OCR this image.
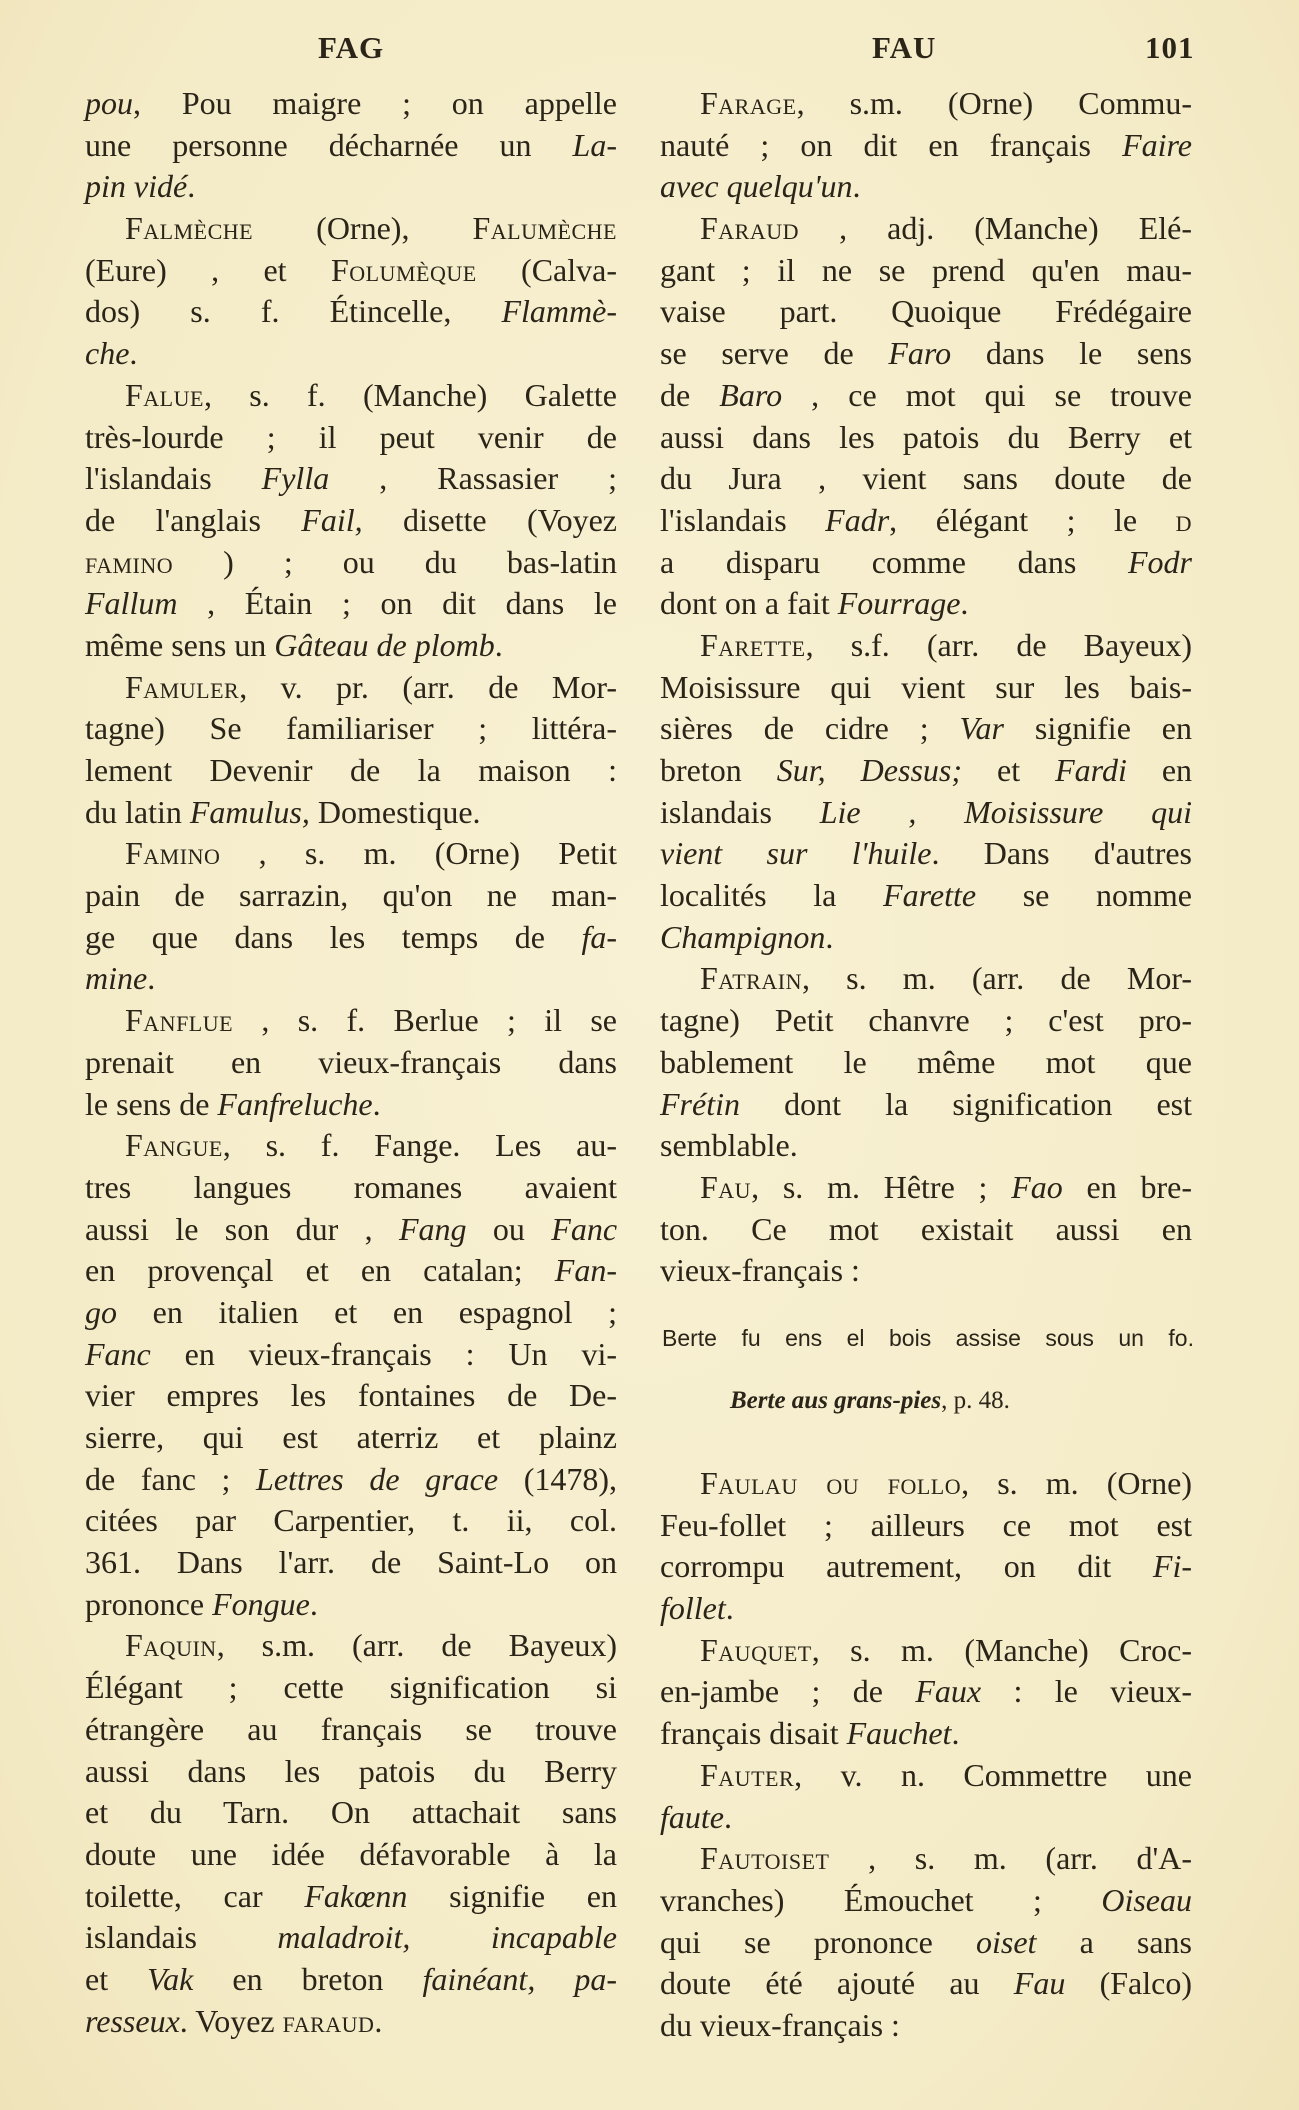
FAG	FAU	101
pou, Pou maigre ; on appelle
une personne décharnée un La-
pin vidé.
Falmèche (Orne), Falumèche
(Eure) , et Folumèque (Calva-
dos) s. f. Étincelle, Flammè-
che.
Falue, s. f. (Manche) Galette
très-lourde ; il peut venir de
l'islandais Fylla , Rassasier ;
de l'anglais Fail, disette (Voyez
famino ) ; ou du bas-latin
Fallum , Étain ; on dit dans le
même sens un Gâteau de plomb.
Famuler, v. pr. (arr. de Mor-
tagne) Se familiariser ; littéra-
lement Devenir de la maison :
du latin Famulus, Domestique.
Famino , s. m. (Orne) Petit
pain de sarrazin, qu'on ne man-
ge que dans les temps de fa-
mine.
Fanflue , s. f. Berlue ; il se
prenait en vieux-français dans
le sens de Fanfreluche.
Fangue, s. f. Fange. Les au-
tres langues romanes avaient
aussi le son dur , Fang ou Fanc
en provençal et en catalan; Fan-
go en italien et en espagnol ;
Fanc en vieux-français : Un vi-
vier empres les fontaines de De-
sierre, qui est aterriz et plainz
de fanc ; Lettres de grace (1478),
citées par Carpentier, t. ii, col.
361. Dans l'arr. de Saint-Lo on
prononce Fongue.
Faquin, s.m. (arr. de Bayeux)
Élégant ; cette signification si
étrangère au français se trouve
aussi dans les patois du Berry
et du Tarn. On attachait sans
doute une idée défavorable à la
toilette, car Fakœnn signifie en
islandais maladroit, incapable
et Vak en breton fainéant, pa-
resseux. Voyez faraud.
Farage, s.m. (Orne) Commu-
nauté ; on dit en français Faire
avec quelqu'un.
Faraud , adj. (Manche) Elé-
gant ; il ne se prend qu'en mau-
vaise part. Quoique Frédégaire
se serve de Faro dans le sens
de Baro , ce mot qui se trouve
aussi dans les patois du Berry et
du Jura , vient sans doute de
l'islandais Fadr, élégant ; le d
a disparu comme dans Fodr
dont on a fait Fourrage.
Farette, s.f. (arr. de Bayeux)
Moisissure qui vient sur les bais-
sières de cidre ; Var signifie en
breton Sur, Dessus; et Fardi en
islandais Lie , Moisissure qui
vient sur l'huile. Dans d'autres
localités la Farette se nomme
Champignon.
Fatrain, s. m. (arr. de Mor-
tagne) Petit chanvre ; c'est pro-
bablement le même mot que
Frétin dont la signification est
semblable.
Fau, s. m. Hêtre ; Fao en bre-
ton. Ce mot existait aussi en
vieux-français :
Berte fu ens el bois assise sous un fo.
Berte aus grans-pies, p. 48.
Faulau ou follo, s. m. (Orne)
Feu-follet ; ailleurs ce mot est
corrompu autrement, on dit Fi-
follet.
Fauquet, s. m. (Manche) Croc-
en-jambe ; de Faux : le vieux-
français disait Fauchet.
Fauter, v. n. Commettre une
faute.
Fautoiset , s. m. (arr. d'A-
vranches) Émouchet ; Oiseau
qui se prononce oiset a sans
doute été ajouté au Fau (Falco)
du vieux-français :
